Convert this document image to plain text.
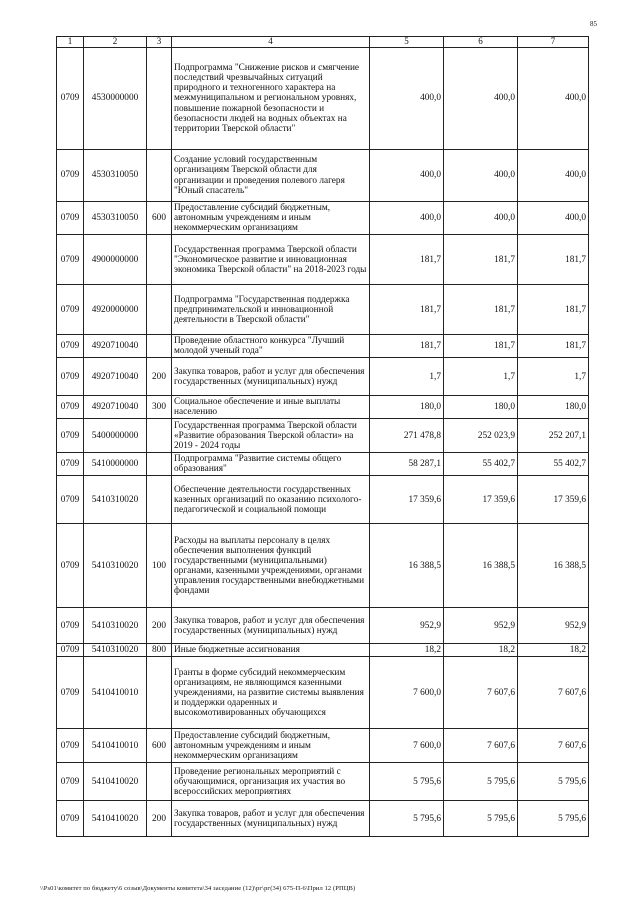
85
1	2	3	4	5	6	7
0709	4530000000		Подпрограмма "Снижение рисков и смягчение последствий чрезвычайных ситуаций природного и техногенного характера на межмуниципальном и региональном уровнях, повышение пожарной безопасности и безопасности людей на водных объектах на территории Тверской области"	400,0	400,0	400,0
0709	4530310050		Создание условий государственным организациям Тверской области для организации и проведения полевого лагеря "Юный спасатель"	400,0	400,0	400,0
0709	4530310050	600	Предоставление субсидий бюджетным, автономным учреждениям и иным некоммерческим организациям	400,0	400,0	400,0
0709	4900000000		Государственная программа Тверской области "Экономическое развитие и инновационная экономика Тверской области" на 2018-2023 годы	181,7	181,7	181,7
0709	4920000000		Подпрограмма "Государственная поддержка предпринимательской и инновационной деятельности в Тверской области"	181,7	181,7	181,7
0709	4920710040		Проведение областного конкурса "Лучший молодой ученый года"	181,7	181,7	181,7
0709	4920710040	200	Закупка товаров, работ и услуг для обеспечения государственных (муниципальных) нужд	1,7	1,7	1,7
0709	4920710040	300	Социальное обеспечение и иные выплаты населению	180,0	180,0	180,0
0709	5400000000		Государственная программа Тверской области «Развитие образования Тверской области» на 2019 - 2024 годы	271 478,8	252 023,9	252 207,1
0709	5410000000		Подпрограмма "Развитие системы общего образования"	58 287,1	55 402,7	55 402,7
0709	5410310020		Обеспечение деятельности государственных казенных организаций по оказанию психолого-педагогической и социальной помощи	17 359,6	17 359,6	17 359,6
0709	5410310020	100	Расходы на выплаты персоналу в целях обеспечения выполнения функций государственными (муниципальными) органами, казенными учреждениями, органами управления государственными внебюджетными фондами	16 388,5	16 388,5	16 388,5
0709	5410310020	200	Закупка товаров, работ и услуг для обеспечения государственных (муниципальных) нужд	952,9	952,9	952,9
0709	5410310020	800	Иные бюджетные ассигнования	18,2	18,2	18,2
0709	5410410010		Гранты в форме субсидий некоммерческим организациям, не являющимся казенными учреждениями, на развитие системы выявления и поддержки одаренных и высокомотивированных обучающихся	7 600,0	7 607,6	7 607,6
0709	5410410010	600	Предоставление субсидий бюджетным, автономным учреждениям и иным некоммерческим организациям	7 600,0	7 607,6	7 607,6
0709	5410410020		Проведение региональных мероприятий с обучающимися, организация их участия во всероссийских мероприятиях	5 795,6	5 795,6	5 795,6
0709	5410410020	200	Закупка товаров, работ и услуг для обеспечения государственных (муниципальных) нужд	5 795,6	5 795,6	5 795,6
\\Ps01\комитет по бюджету\6 созыв\Документы комитета\34 заседание (12)\рг\рг(34) 675-П-6\Прил 12 (РПЦВ)
